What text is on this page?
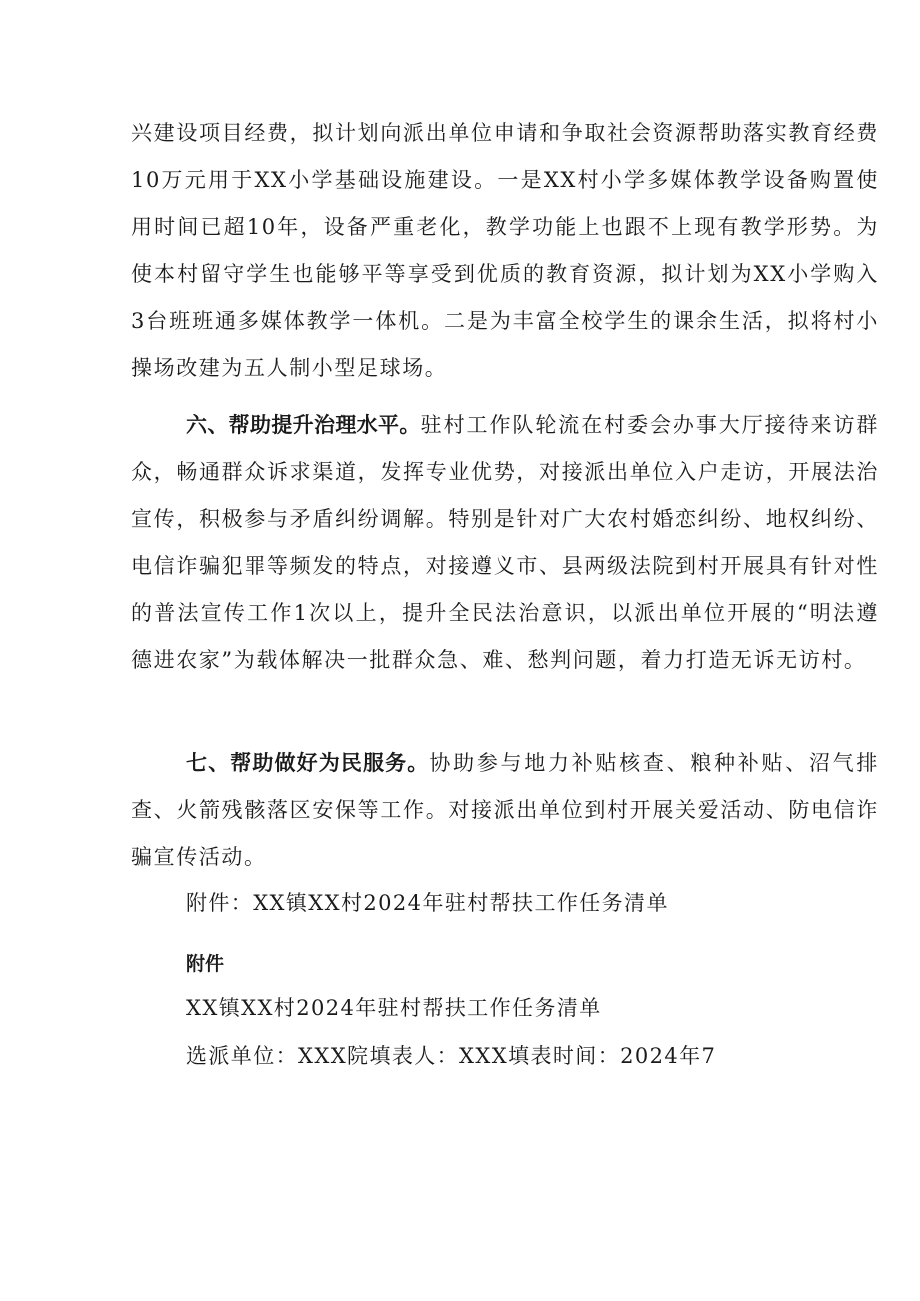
兴建设项目经费，拟计划向派出单位申请和争取社会资源帮助落实教育经费10万元用于XX小学基础设施建设。一是XX村小学多媒体教学设备购置使用时间已超10年，设备严重老化，教学功能上也跟不上现有教学形势。为使本村留守学生也能够平等享受到优质的教育资源，拟计划为XX小学购入3台班班通多媒体教学一体机。二是为丰富全校学生的课余生活，拟将村小操场改建为五人制小型足球场。

六、帮助提升治理水平。驻村工作队轮流在村委会办事大厅接待来访群众，畅通群众诉求渠道，发挥专业优势，对接派出单位入户走访，开展法治宣传，积极参与矛盾纠纷调解。特别是针对广大农村婚恋纠纷、地权纠纷、电信诈骗犯罪等频发的特点，对接遵义市、县两级法院到村开展具有针对性的普法宣传工作1次以上，提升全民法治意识，以派出单位开展的“明法遵德进农家”为载体解决一批群众急、难、愁判问题，着力打造无诉无访村。

七、帮助做好为民服务。协助参与地力补贴核查、粮种补贴、沼气排查、火箭残骸落区安保等工作。对接派出单位到村开展关爱活动、防电信诈骗宣传活动。

附件：XX镇XX村2024年驻村帮扶工作任务清单

附件

XX镇XX村2024年驻村帮扶工作任务清单

选派单位：XXX院填表人：XXX填表时间：2024年7
